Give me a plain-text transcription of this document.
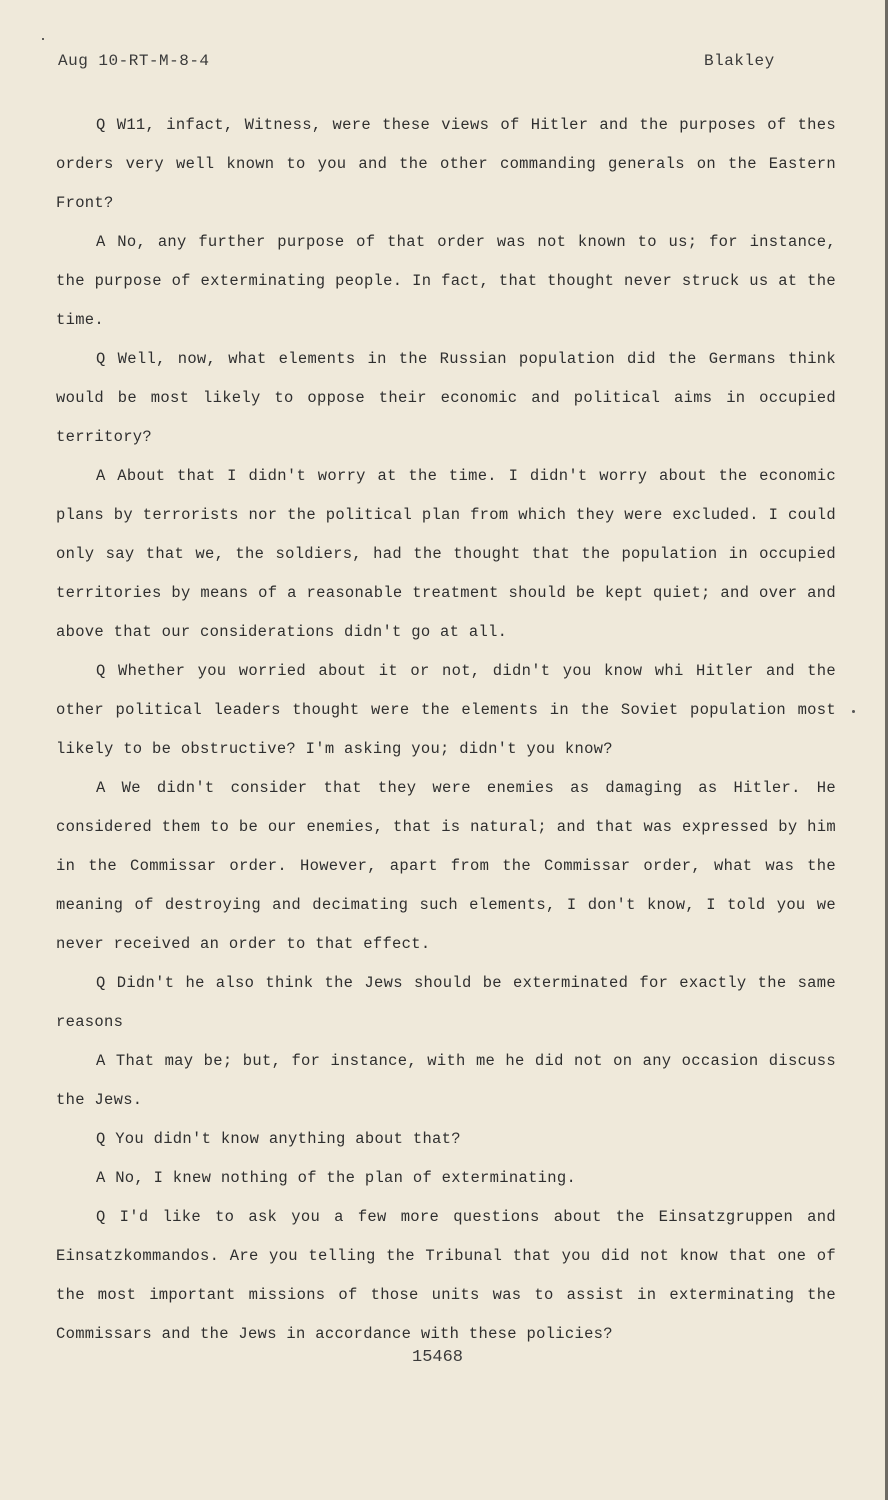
Aug 10-RT-M-8-4	Blakley

Q W11, infact, Witness, were these views of Hitler and the purposes of thes orders very well known to you and the other commanding generals on the Eastern Front?

A No, any further purpose of that order was not known to us; for instance, the purpose of exterminating people. In fact, that thought never struck us at the time.

Q Well, now, what elements in the Russian population did the Germans think would be most likely to oppose their economic and political aims in occupied territory?

A About that I didn't worry at the time. I didn't worry about the economic plans by terrorists nor the political plan from which they were excluded. I could only say that we, the soldiers, had the thought that the population in occupied territories by means of a reasonable treatment should be kept quiet; and over and above that our considerations didn't go at all.

Q Whether you worried about it or not, didn't you know whi Hitler and the other political leaders thought were the elements in the Soviet population most likely to be obstructive? I'm asking you; didn't you know?

A We didn't consider that they were enemies as damaging as Hitler. He considered them to be our enemies, that is natural; and that was expressed by him in the Commissar order. However, apart from the Commissar order, what was the meaning of destroying and decimating such elements, I don't know, I told you we never received an order to that effect.

Q Didn't he also think the Jews should be exterminated for exactly the same reasons

A That may be; but, for instance, with me he did not on any occasion discuss the Jews.

Q You didn't know anything about that?

A No, I knew nothing of the plan of exterminating.

Q I'd like to ask you a few more questions about the Einsatzgruppen and Einsatzkommandos. Are you telling the Tribunal that you did not know that one of the most important missions of those units was to assist in exterminating the Commissars and the Jews in accordance with these policies?

15468
